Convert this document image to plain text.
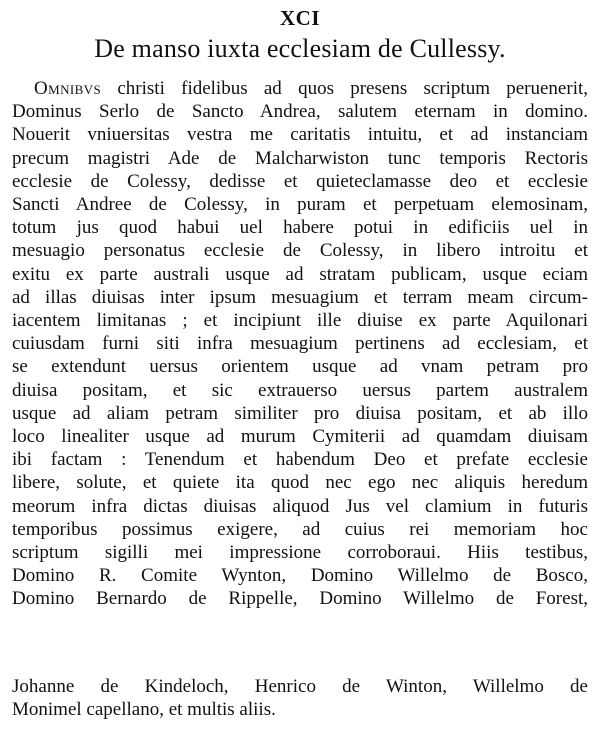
XCI
De manso iuxta ecclesiam de Cullessy.
Omnibvs christi fidelibus ad quos presens scriptum peruenerit,
Dominus Serlo de Sancto Andrea, salutem eternam in domino.
Nouerit vniuersitas vestra me caritatis intuitu, et ad instanciam
precum magistri Ade de Malcharwiston tunc temporis Rectoris
ecclesie de Colessy, dedisse et quieteclamasse deo et ecclesie
Sancti Andree de Colessy, in puram et perpetuam elemosinam,
totum jus quod habui uel habere potui in edificiis uel in
mesuagio personatus ecclesie de Colessy, in libero introitu et
exitu ex parte australi usque ad stratam publicam, usque eciam
ad illas diuisas inter ipsum mesuagium et terram meam circum-
iacentem limitanas ; et incipiunt ille diuise ex parte Aquilonari
cuiusdam furni siti infra mesuagium pertinens ad ecclesiam, et
se extendunt uersus orientem usque ad vnam petram pro
diuisa positam, et sic extrauerso uersus partem australem
usque ad aliam petram similiter pro diuisa positam, et ab illo
loco linealiter usque ad murum Cymiterii ad quamdam diuisam
ibi factam : Tenendum et habendum Deo et prefate ecclesie
libere, solute, et quiete ita quod nec ego nec aliquis heredum
meorum infra dictas diuisas aliquod Jus vel clamium in futuris
temporibus possimus exigere, ad cuius rei memoriam hoc
scriptum sigilli mei impressione corroboraui. Hiis testibus,
Domino R. Comite Wynton, Domino Willelmo de Bosco,
Domino Bernardo de Rippelle, Domino Willelmo de Forest,
Johanne de Kindeloch, Henrico de Winton, Willelmo de
Monimel capellano, et multis aliis.
